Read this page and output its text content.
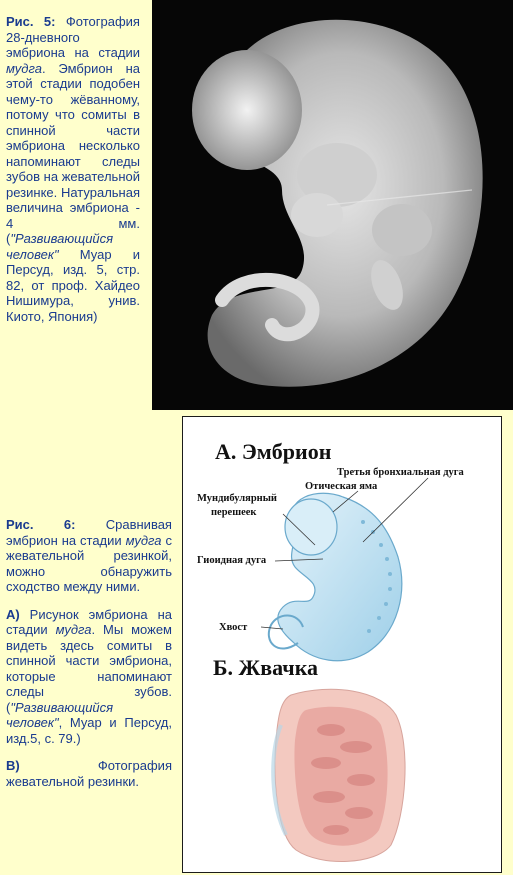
Рис. 5: Фотография 28-дневного эмбриона на стадии мудга. Эмбрион на этой стадии подобен чему-то жёванному, потому что сомиты в спинной части эмбриона несколько напоминают следы зубов на жевательной резинке. Натуральная величина эмбриона - 4 мм. ("Развивающийся человек" Муар и Персуд, изд. 5, стр. 82, от проф. Хайдео Нишимура, унив. Киото, Япония)
Рис. 6: Сравнивая эмбрион на стадии мудга с жевательной резинкой, можно обнаружить сходство между ними.
А) Рисунок эмбриона на стадии мудга. Мы можем видеть здесь сомиты в спинной части эмбриона, которые напоминают следы зубов. ("Развивающийся человек", Муар и Персуд, изд.5, с. 79.)
В)	Фотография жевательной резинки.
А. Эмбрион
Третья бронхиальная дуга
Отическая яма
Мундибулярный
перешеек
Гиоидная дуга
Хвост
Б. Жвачка
